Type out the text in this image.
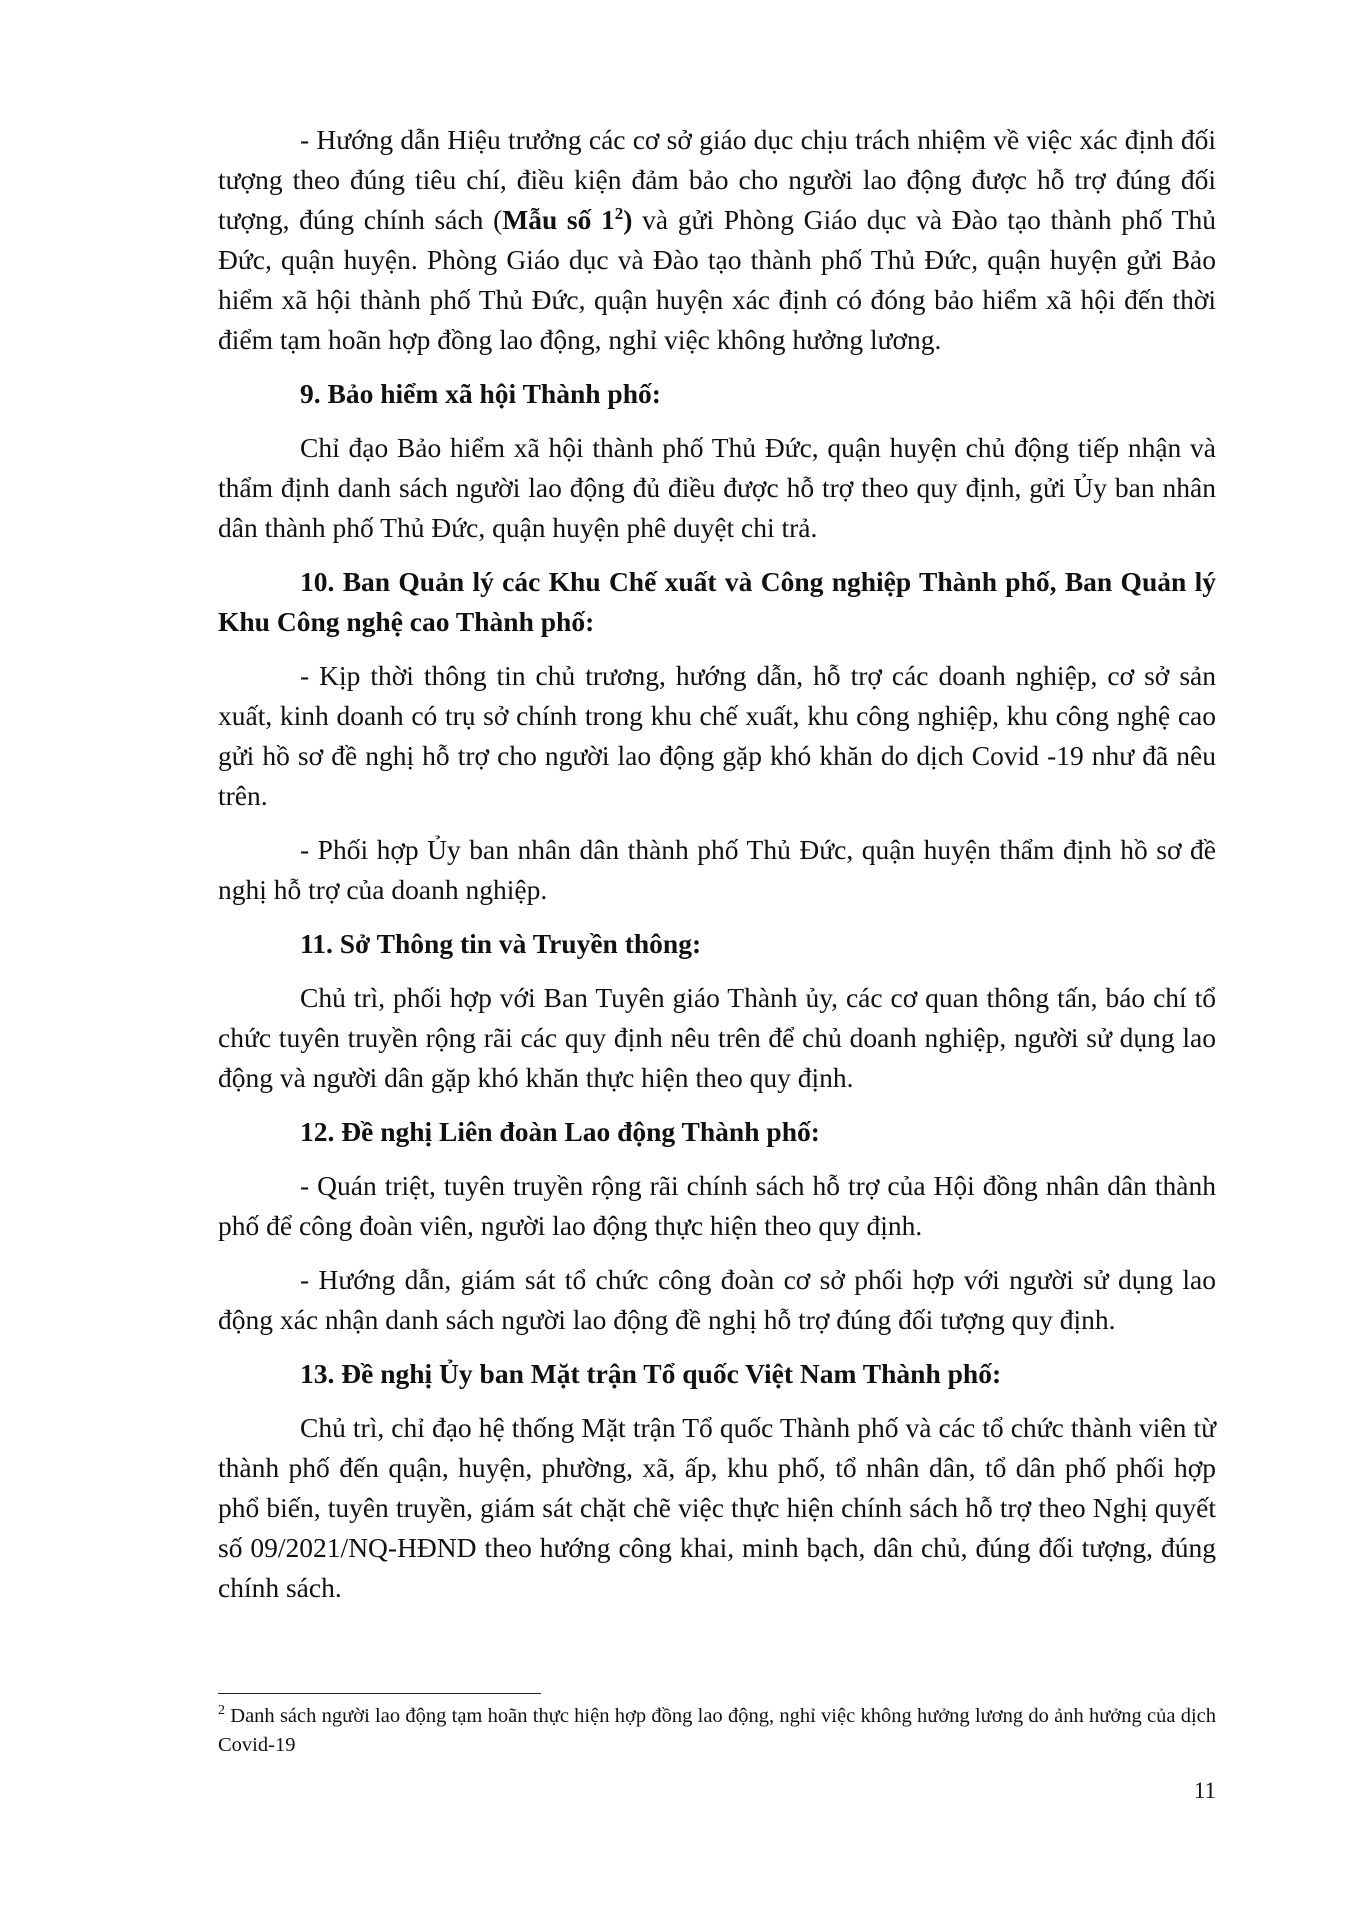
- Hướng dẫn Hiệu trưởng các cơ sở giáo dục chịu trách nhiệm về việc xác định đối tượng theo đúng tiêu chí, điều kiện đảm bảo cho người lao động được hỗ trợ đúng đối tượng, đúng chính sách (Mẫu số $1^2$) và gửi Phòng Giáo dục và Đào tạo thành phố Thủ Đức, quận huyện. Phòng Giáo dục và Đào tạo thành phố Thủ Đức, quận huyện gửi Bảo hiểm xã hội thành phố Thủ Đức, quận huyện xác định có đóng bảo hiểm xã hội đến thời điểm tạm hoãn hợp đồng lao động, nghỉ việc không hưởng lương.

9. Bảo hiểm xã hội Thành phố:

Chỉ đạo Bảo hiểm xã hội thành phố Thủ Đức, quận huyện chủ động tiếp nhận và thẩm định danh sách người lao động đủ điều được hỗ trợ theo quy định, gửi Ủy ban nhân dân thành phố Thủ Đức, quận huyện phê duyệt chi trả.

10. Ban Quản lý các Khu Chế xuất và Công nghiệp Thành phố, Ban Quản lý Khu Công nghệ cao Thành phố:

- Kịp thời thông tin chủ trương, hướng dẫn, hỗ trợ các doanh nghiệp, cơ sở sản xuất, kinh doanh có trụ sở chính trong khu chế xuất, khu công nghiệp, khu công nghệ cao gửi hồ sơ đề nghị hỗ trợ cho người lao động gặp khó khăn do dịch Covid -19 như đã nêu trên.

- Phối hợp Ủy ban nhân dân thành phố Thủ Đức, quận huyện thẩm định hồ sơ đề nghị hỗ trợ của doanh nghiệp.

11. Sở Thông tin và Truyền thông:

Chủ trì, phối hợp với Ban Tuyên giáo Thành ủy, các cơ quan thông tấn, báo chí tổ chức tuyên truyền rộng rãi các quy định nêu trên để chủ doanh nghiệp, người sử dụng lao động và người dân gặp khó khăn thực hiện theo quy định.

12. Đề nghị Liên đoàn Lao động Thành phố:

- Quán triệt, tuyên truyền rộng rãi chính sách hỗ trợ của Hội đồng nhân dân thành phố để công đoàn viên, người lao động thực hiện theo quy định.

- Hướng dẫn, giám sát tổ chức công đoàn cơ sở phối hợp với người sử dụng lao động xác nhận danh sách người lao động đề nghị hỗ trợ đúng đối tượng quy định.

13. Đề nghị Ủy ban Mặt trận Tổ quốc Việt Nam Thành phố:

Chủ trì, chỉ đạo hệ thống Mặt trận Tổ quốc Thành phố và các tổ chức thành viên từ thành phố đến quận, huyện, phường, xã, ấp, khu phố, tổ nhân dân, tổ dân phố phối hợp phổ biến, tuyên truyền, giám sát chặt chẽ việc thực hiện chính sách hỗ trợ theo Nghị quyết số 09/2021/NQ-HĐND theo hướng công khai, minh bạch, dân chủ, đúng đối tượng, đúng chính sách.

$^2$ Danh sách người lao động tạm hoãn thực hiện hợp đồng lao động, nghỉ việc không hưởng lương do ảnh hưởng của dịch Covid-19
11
